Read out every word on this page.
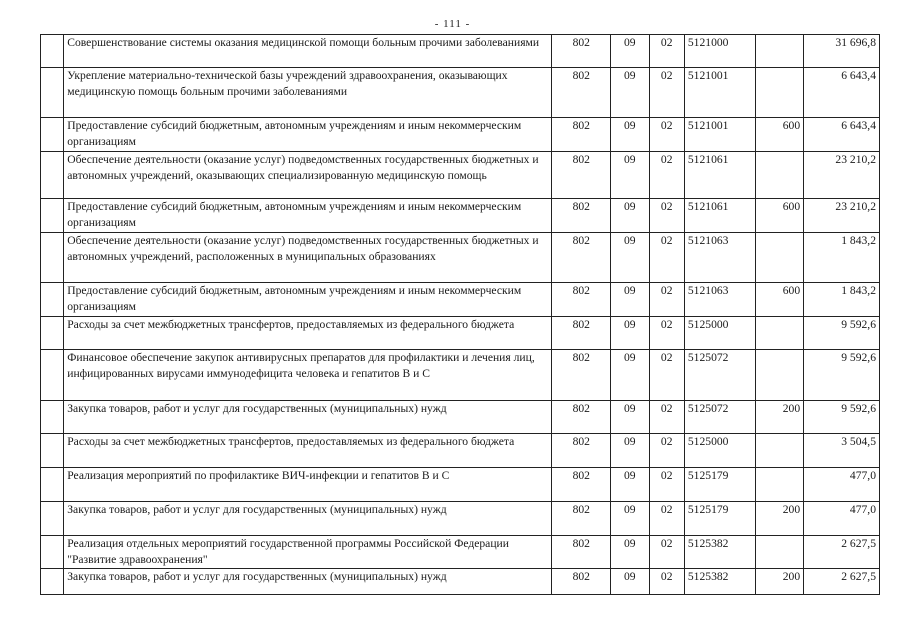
- 111 -
	Совершенствование системы оказания медицинской помощи больным прочими заболеваниями	802	09	02	5121000		31 696,8
	Укрепление материально-технической базы учреждений здравоохранения, оказывающих медицинскую помощь больным прочими заболеваниями	802	09	02	5121001		6 643,4
	Предоставление субсидий бюджетным, автономным учреждениям и иным некоммерческим организациям	802	09	02	5121001	600	6 643,4
	Обеспечение деятельности (оказание услуг) подведомственных государственных бюджетных и автономных учреждений, оказывающих специализированную медицинскую помощь	802	09	02	5121061		23 210,2
	Предоставление субсидий бюджетным, автономным учреждениям и иным некоммерческим организациям	802	09	02	5121061	600	23 210,2
	Обеспечение деятельности (оказание услуг) подведомственных государственных бюджетных и автономных учреждений, расположенных в муниципальных образованиях	802	09	02	5121063		1 843,2
	Предоставление субсидий бюджетным, автономным учреждениям и иным некоммерческим организациям	802	09	02	5121063	600	1 843,2
	Расходы за счет межбюджетных трансфертов, предоставляемых из федерального бюджета	802	09	02	5125000		9 592,6
	Финансовое обеспечение закупок антивирусных препаратов для профилактики и лечения лиц, инфицированных вирусами иммунодефицита человека и гепатитов В и С	802	09	02	5125072		9 592,6
	Закупка товаров, работ и услуг для государственных (муниципальных) нужд	802	09	02	5125072	200	9 592,6
	Расходы за счет межбюджетных трансфертов, предоставляемых из федерального бюджета	802	09	02	5125000		3 504,5
	Реализация мероприятий по профилактике ВИЧ-инфекции и гепатитов В и С	802	09	02	5125179		477,0
	Закупка товаров, работ и услуг для государственных (муниципальных) нужд	802	09	02	5125179	200	477,0
	Реализация отдельных мероприятий государственной программы Российской Федерации "Развитие здравоохранения"	802	09	02	5125382		2 627,5
	Закупка товаров, работ и услуг для государственных (муниципальных) нужд	802	09	02	5125382	200	2 627,5
